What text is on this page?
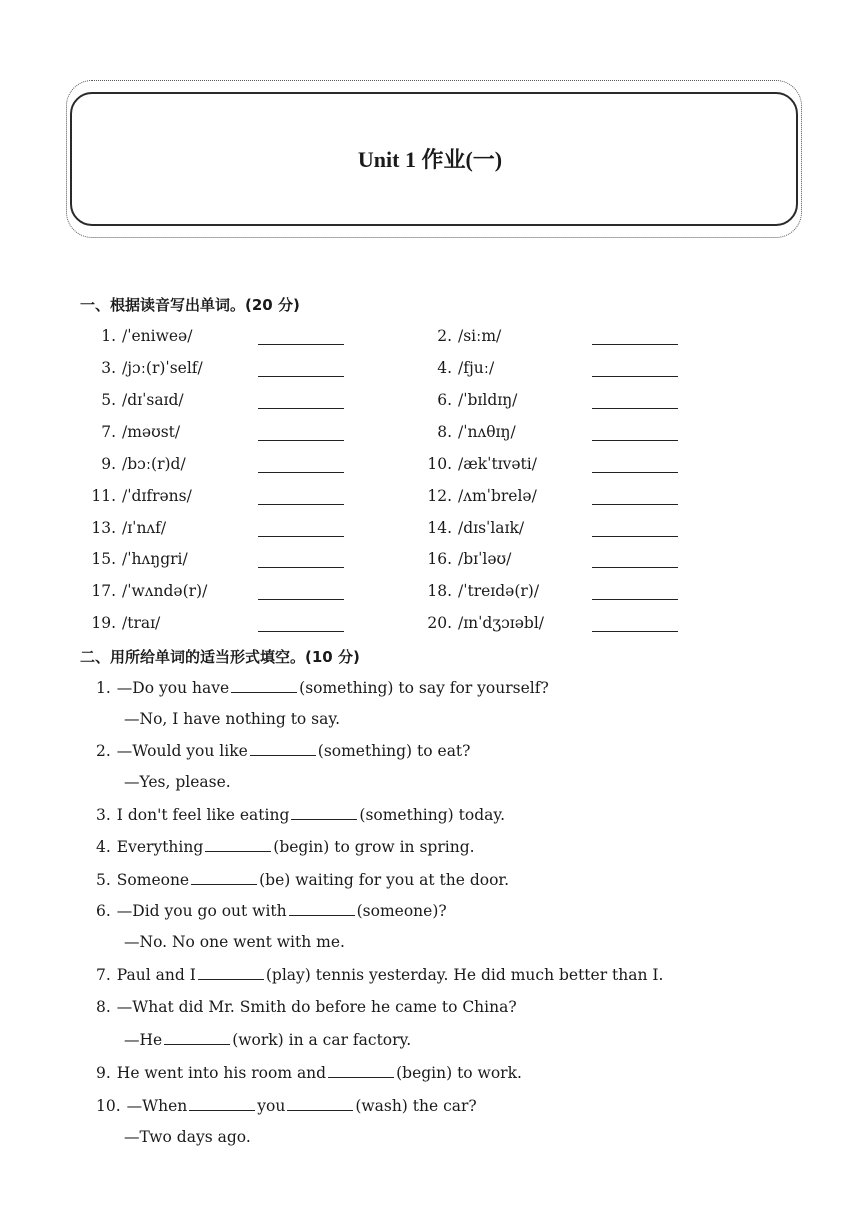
Unit 1 作业(一)
一、根据读音写出单词。(20 分)
1. /ˈeniweə/	2. /siːm/
3. /jɔː(r)ˈself/	4. /fjuː/
5. /dɪˈsaɪd/	6. /ˈbɪldɪŋ/
7. /məʊst/	8. /ˈnʌθɪŋ/
9. /bɔː(r)d/	10. /ækˈtɪvəti/
11. /ˈdɪfrəns/	12. /ʌmˈbrelə/
13. /ɪˈnʌf/	14. /dɪsˈlaɪk/
15. /ˈhʌŋgri/	16. /bɪˈləʊ/
17. /ˈwʌndə(r)/	18. /ˈtreɪdə(r)/
19. /traɪ/	20. /ɪnˈdʒɔɪəbl/
二、用所给单词的适当形式填空。(10 分)
1. —Do you have	(something) to say for yourself?
—No, I have nothing to say.
2. —Would you like	(something) to eat?
—Yes, please.
3. I don't feel like eating	(something) today.
4. Everything	(begin) to grow in spring.
5. Someone	(be) waiting for you at the door.
6. —Did you go out with	(someone)?
—No. No one went with me.
7. Paul and I	(play) tennis yesterday. He did much better than I.
8. —What did Mr. Smith do before he came to China?
—He	(work) in a car factory.
9. He went into his room and	(begin) to work.
10. —When	you	(wash) the car?
—Two days ago.
